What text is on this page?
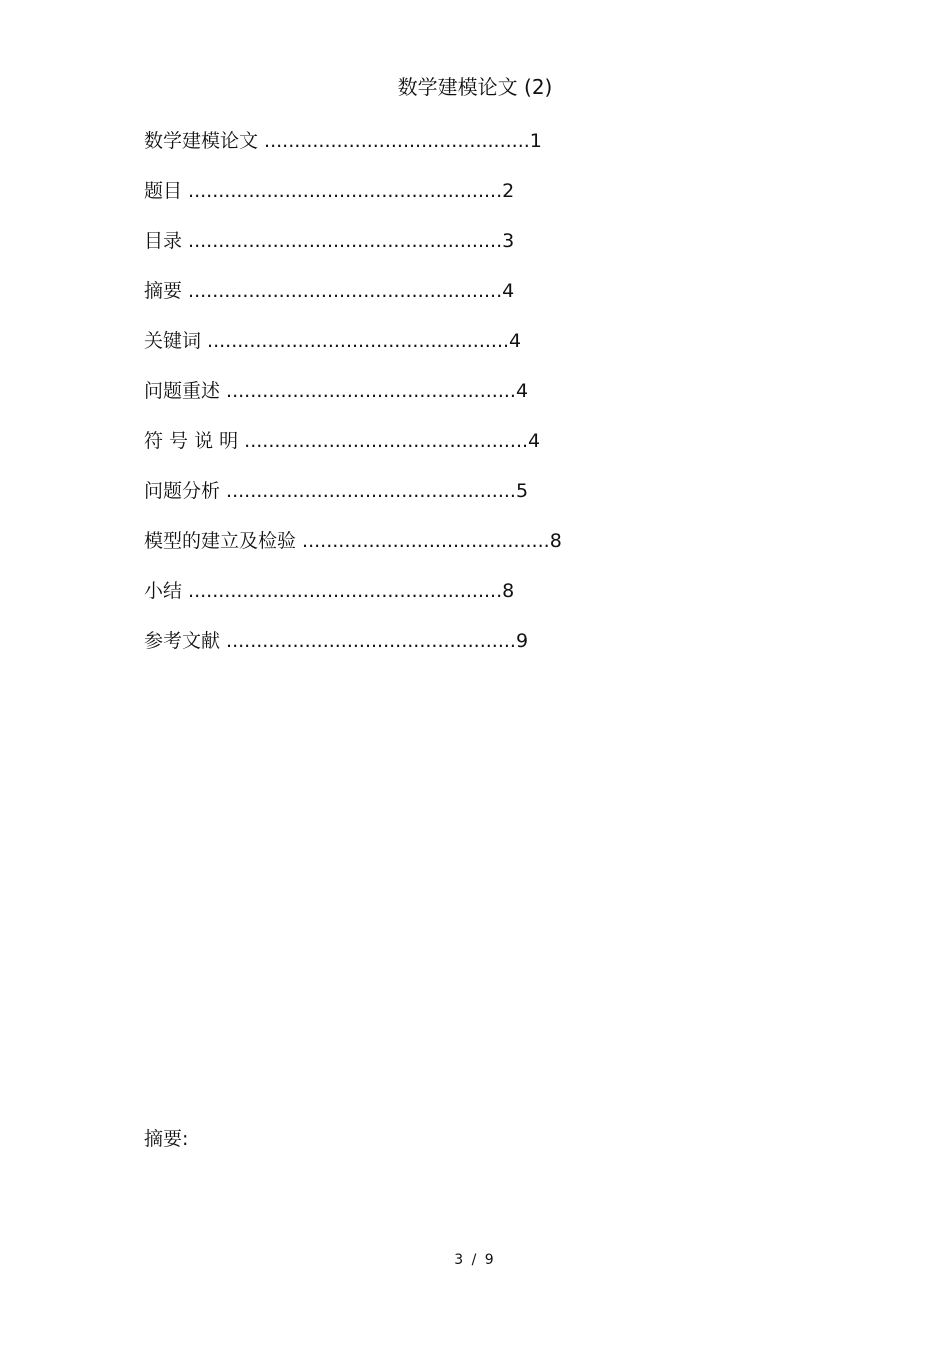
数学建模论文 (2)
数学建模论文 ............................................1
题目 ....................................................2
目录 ....................................................3
摘要 ....................................................4
关键词 ..................................................4
问题重述 ................................................4
符 号 说 明 ...............................................4
问题分析 ................................................5
模型的建立及检验 .........................................8
小结 ....................................................8
参考文献 ................................................9
摘要:
3 / 9
